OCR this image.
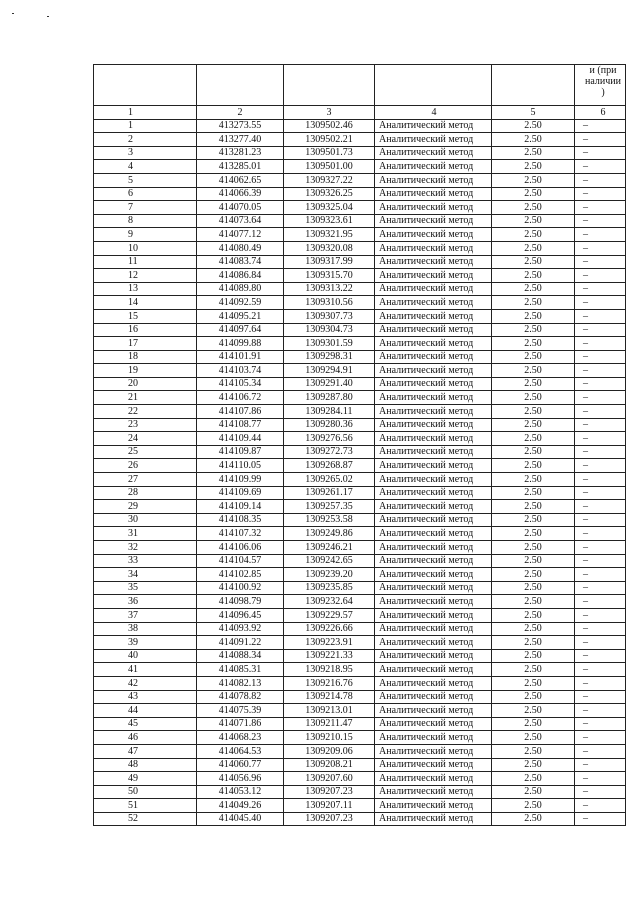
					и (при наличии )
1	2	3	4	5	6
1	413273.55	1309502.46	Аналитический метод	2.50	–
2	413277.40	1309502.21	Аналитический метод	2.50	–
3	413281.23	1309501.73	Аналитический метод	2.50	–
4	413285.01	1309501.00	Аналитический метод	2.50	–
5	414062.65	1309327.22	Аналитический метод	2.50	–
6	414066.39	1309326.25	Аналитический метод	2.50	–
7	414070.05	1309325.04	Аналитический метод	2.50	–
8	414073.64	1309323.61	Аналитический метод	2.50	–
9	414077.12	1309321.95	Аналитический метод	2.50	–
10	414080.49	1309320.08	Аналитический метод	2.50	–
11	414083.74	1309317.99	Аналитический метод	2.50	–
12	414086.84	1309315.70	Аналитический метод	2.50	–
13	414089.80	1309313.22	Аналитический метод	2.50	–
14	414092.59	1309310.56	Аналитический метод	2.50	–
15	414095.21	1309307.73	Аналитический метод	2.50	–
16	414097.64	1309304.73	Аналитический метод	2.50	–
17	414099.88	1309301.59	Аналитический метод	2.50	–
18	414101.91	1309298.31	Аналитический метод	2.50	–
19	414103.74	1309294.91	Аналитический метод	2.50	–
20	414105.34	1309291.40	Аналитический метод	2.50	–
21	414106.72	1309287.80	Аналитический метод	2.50	–
22	414107.86	1309284.11	Аналитический метод	2.50	–
23	414108.77	1309280.36	Аналитический метод	2.50	–
24	414109.44	1309276.56	Аналитический метод	2.50	–
25	414109.87	1309272.73	Аналитический метод	2.50	–
26	414110.05	1309268.87	Аналитический метод	2.50	–
27	414109.99	1309265.02	Аналитический метод	2.50	–
28	414109.69	1309261.17	Аналитический метод	2.50	–
29	414109.14	1309257.35	Аналитический метод	2.50	–
30	414108.35	1309253.58	Аналитический метод	2.50	–
31	414107.32	1309249.86	Аналитический метод	2.50	–
32	414106.06	1309246.21	Аналитический метод	2.50	–
33	414104.57	1309242.65	Аналитический метод	2.50	–
34	414102.85	1309239.20	Аналитический метод	2.50	–
35	414100.92	1309235.85	Аналитический метод	2.50	–
36	414098.79	1309232.64	Аналитический метод	2.50	–
37	414096.45	1309229.57	Аналитический метод	2.50	–
38	414093.92	1309226.66	Аналитический метод	2.50	–
39	414091.22	1309223.91	Аналитический метод	2.50	–
40	414088.34	1309221.33	Аналитический метод	2.50	–
41	414085.31	1309218.95	Аналитический метод	2.50	–
42	414082.13	1309216.76	Аналитический метод	2.50	–
43	414078.82	1309214.78	Аналитический метод	2.50	–
44	414075.39	1309213.01	Аналитический метод	2.50	–
45	414071.86	1309211.47	Аналитический метод	2.50	–
46	414068.23	1309210.15	Аналитический метод	2.50	–
47	414064.53	1309209.06	Аналитический метод	2.50	–
48	414060.77	1309208.21	Аналитический метод	2.50	–
49	414056.96	1309207.60	Аналитический метод	2.50	–
50	414053.12	1309207.23	Аналитический метод	2.50	–
51	414049.26	1309207.11	Аналитический метод	2.50	–
52	414045.40	1309207.23	Аналитический метод	2.50	–
